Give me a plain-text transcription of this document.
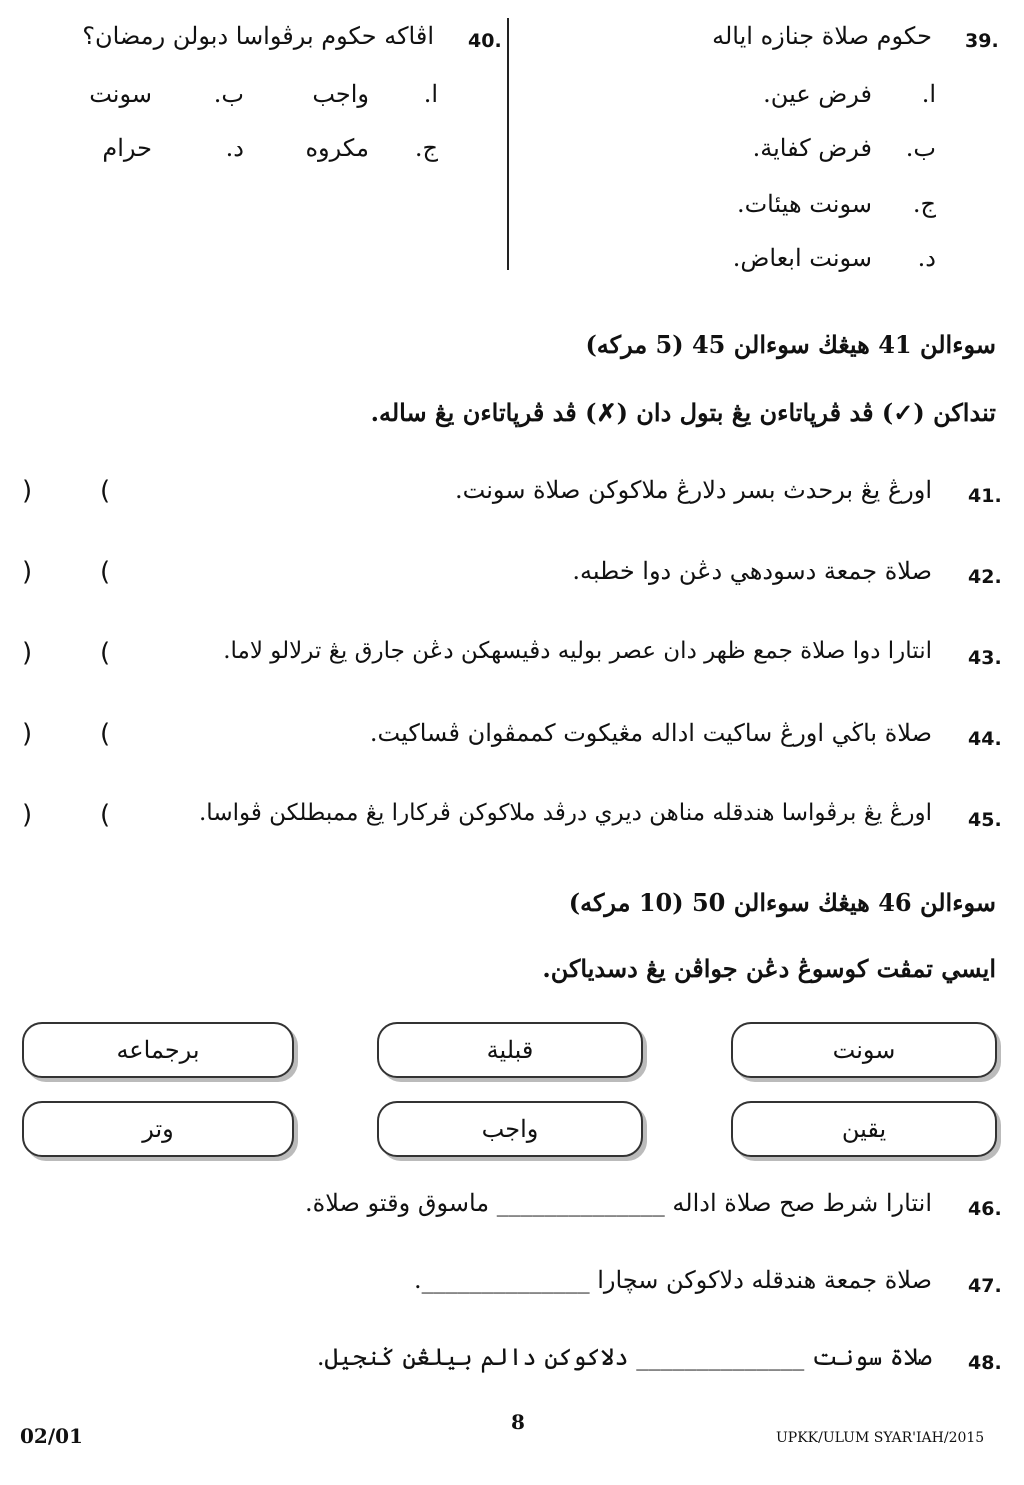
39.
حکوم صلاة جنازه اياله
ا.
فرض عين.
ب.
فرض كفاية.
ج.
سونت هيئات.
د.
سونت ابعاض.
40.
اڤاکه حکوم برڤواسا دبولن رمضان؟
ا.
واجب
ب.
سونت
ج.
مکروه
د.
حرام
سوءالن 41 هيڠڬ سوءالن 45 (5 مرکه)
تنداکن (✓) ڤد ڤرڽاتاءن يڠ بتول دان (✗) ڤد ڤرڽاتاءن يڠ ساله.
41.
اورڠ يڠ برحدث بسر دلارڠ ملاکوکن صلاة سونت.
(
)
42.
صلاة جمعة دسودهي دڠن دوا خطبه.
(
)
43.
انتارا دوا صلاة جمع ظهر دان عصر بوليه دڤيسهکن دڠن جارق يڠ ترلالو لاما.
(
)
44.
صلاة باڬي اورڠ ساکيت اداله مڠيکوت کممڤوان ڤساکيت.
(
)
45.
اورڠ يڠ برڤواسا هندقله مناهن ديري درڤد ملاکوکن ڤرکارا يڠ ممبطلکن ڤواسا.
(
)
سوءالن 46 هيڠڬ سوءالن 50 (10 مرکه)
ايسي تمڤت کوسوڠ دڠن جواڤن يڠ دسدياکن.
سونت
قبلية
برجماعه
يقين
واجب
وتر
46.
انتارا شرط صح صلاة اداله ______________ ماسوق وقتو صلاة.
47.
صلاة جمعة هندقله دلاکوکن سچارا ______________.
48.
صلاة سونت ______________ دلاکوکن دالم بيلڠن ݢنجيل.
02/01
8
UPKK/ULUM SYAR'IAH/2015
